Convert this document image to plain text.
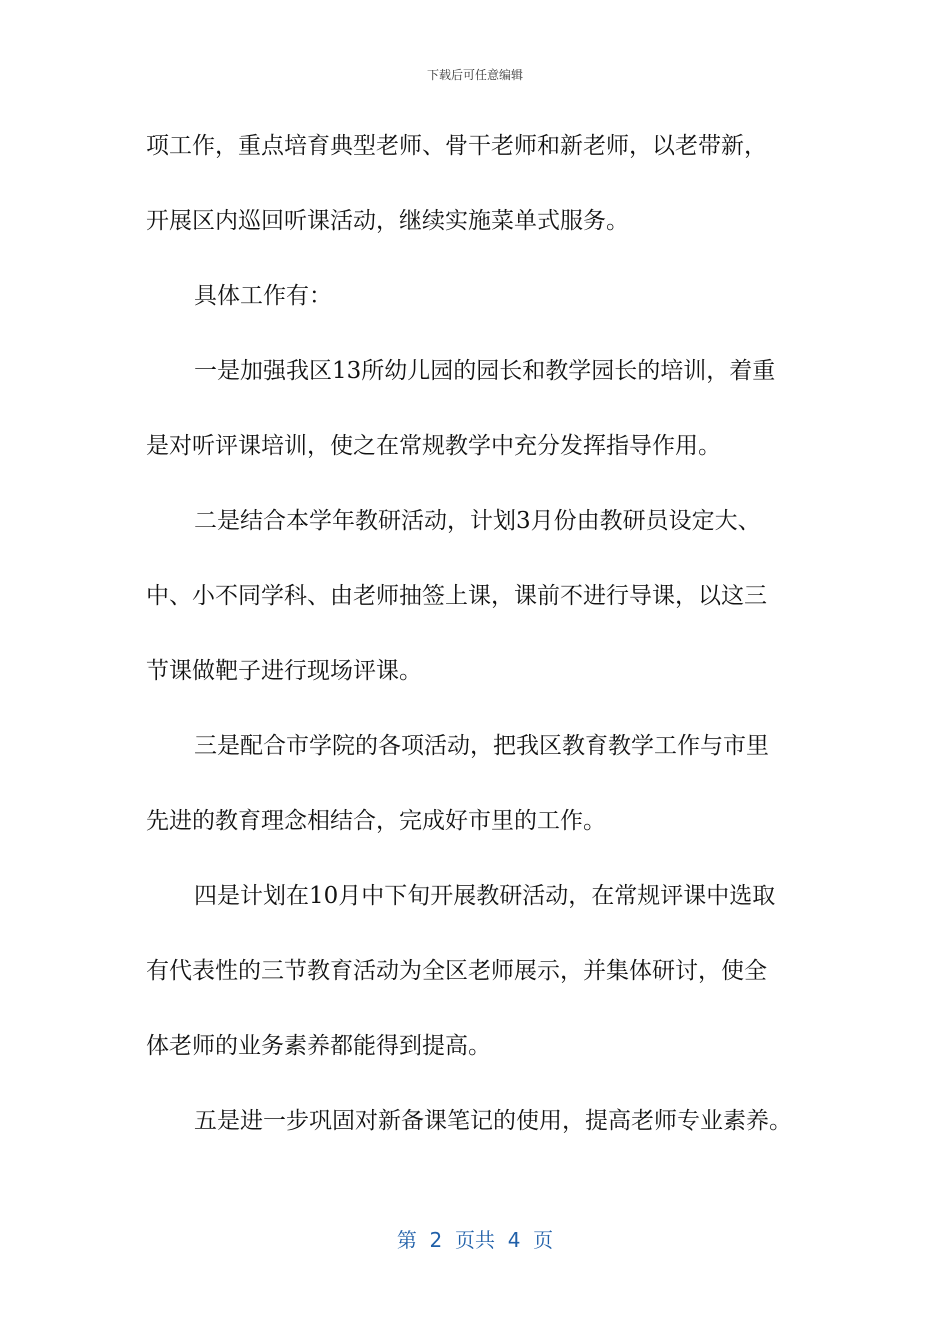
下载后可任意编辑
项工作，重点培育典型老师、骨干老师和新老师，以老带新，
开展区内巡回听课活动，继续实施菜单式服务。
具体工作有：
一是加强我区13所幼儿园的园长和教学园长的培训，着重
是对听评课培训，使之在常规教学中充分发挥指导作用。
二是结合本学年教研活动，计划3月份由教研员设定大、
中、小不同学科、由老师抽签上课，课前不进行导课，以这三
节课做靶子进行现场评课。
三是配合市学院的各项活动，把我区教育教学工作与市里
先进的教育理念相结合，完成好市里的工作。
四是计划在10月中下旬开展教研活动，在常规评课中选取
有代表性的三节教育活动为全区老师展示，并集体研讨，使全
体老师的业务素养都能得到提高。
五是进一步巩固对新备课笔记的使用，提高老师专业素养。
第  2  页共  4  页
